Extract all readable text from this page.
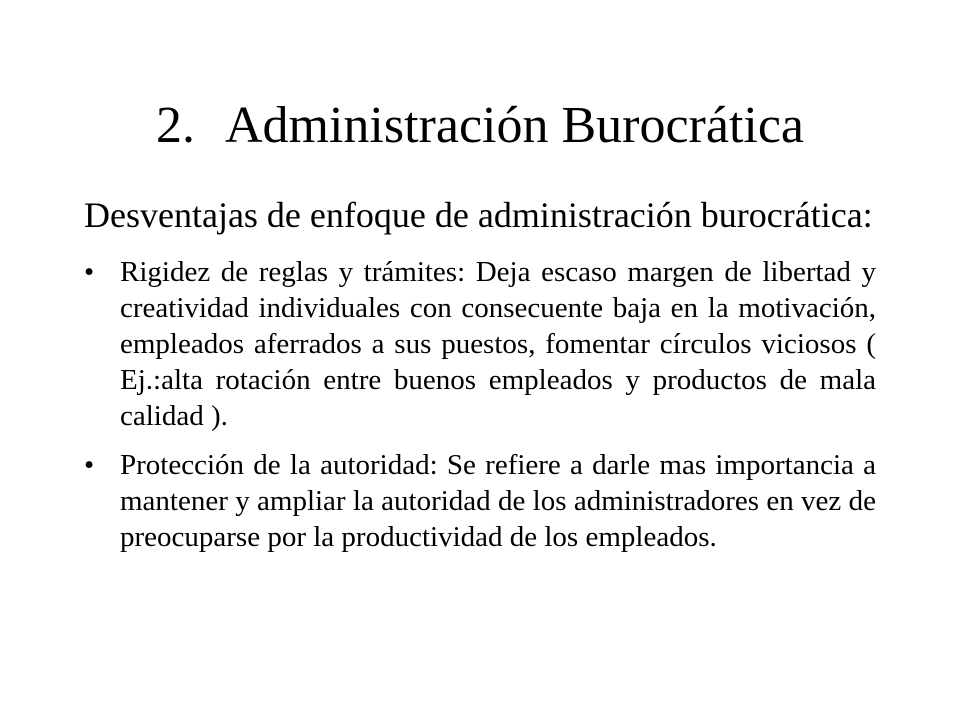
2. Administración Burocrática

Desventajas de enfoque de administración burocrática:

• Rigidez de reglas y trámites: Deja escaso margen de libertad y creatividad individuales con consecuente baja en la motivación, empleados aferrados a sus puestos, fomentar círculos viciosos ( Ej.:alta rotación entre buenos empleados y productos de mala calidad ).
• Protección de la autoridad: Se refiere a darle mas importancia a mantener y ampliar la autoridad de los administradores en vez de preocuparse por la productividad de los empleados.
